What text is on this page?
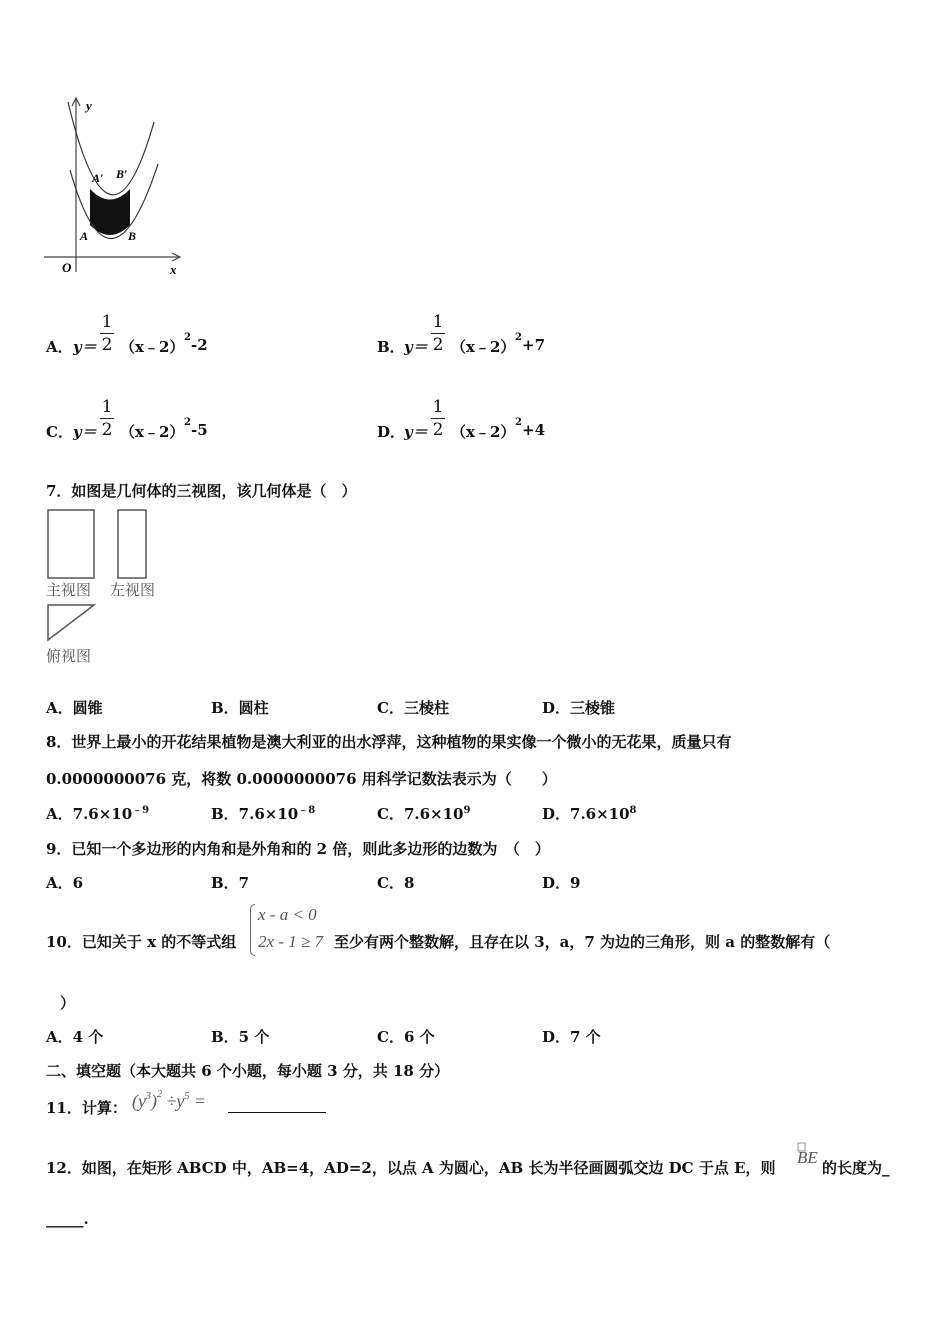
y
O	x
A′ B′
A	B
A． y＝
1
2 （x﹣2）
2 -2	B． y＝
1
2 （x﹣2）
2 +7
C． y＝
1
2 （x﹣2）
2 -5	D．
y＝
1
2 （x﹣2）
2 +4
7．如图是几何体的三视图，该几何体是（　）
主视图 左视图
俯视图
A．圆锥	B．圆柱	C．三棱柱	D．三棱锥
8．世界上最小的开花结果植物是澳大利亚的出水浮萍，这种植物的果实像一个微小的无花果，质量只有
0.0000000076 克，将数 0.0000000076 用科学记数法表示为（　　）
A．$7.6\times 10^{﹣9}$	B．$7.6\times 10^{﹣8}$	C．$7.6\times 10^9$	D．$7.6\times 10^8$
9．已知一个多边形的内角和是外角和的 2 倍，则此多边形的边数为　（　）
A．6	B．7	C．8	D．9
10．已知关于 x 的不等式组
x - a < 0
2x - 1 ≥ 7 至少有两个整数解，且存在以 3，a，7 为边的三角形，则 a 的整数解有（
）
A．4 个	B．5 个	C．6 个	D．7 个
二、填空题（本大题共 6 个小题，每小题 3 分，共 18 分）
11．计算： $(y^3)^2 \div y^5$ =
12．如图，在矩形 ABCD 中，AB=4，AD=2，以点 A 为圆心，AB 长为半径画圆弧交边 DC 于点 E，则
BE
的长度为_
_____.
